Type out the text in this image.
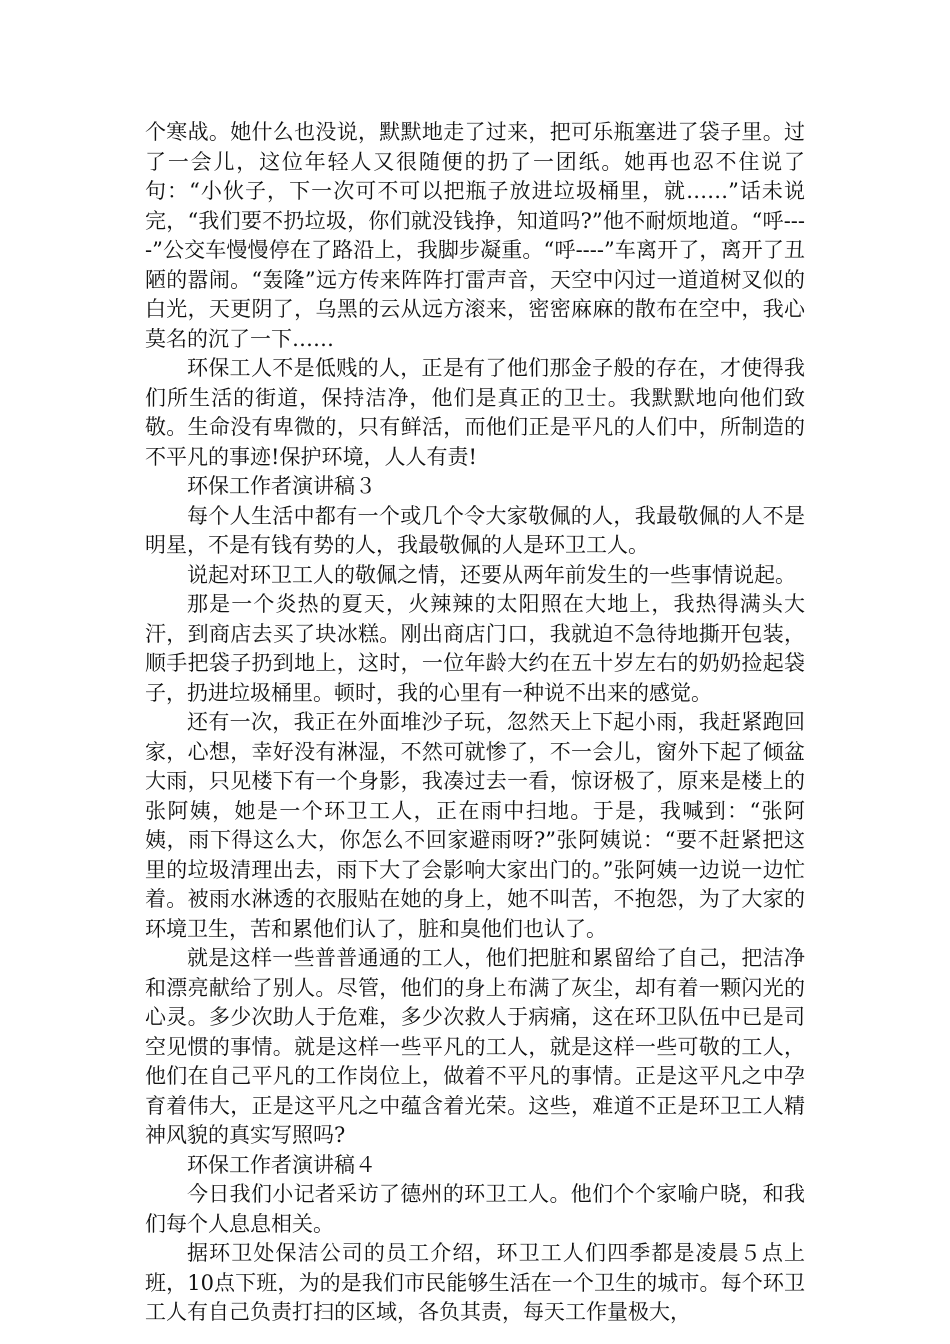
个寒战。她什么也没说，默默地走了过来，把可乐瓶塞进了袋子里。过了一会儿，这位年轻人又很随便的扔了一团纸。她再也忍不住说了句：“小伙子，下一次可不可以把瓶子放进垃圾桶里，就……”话未说完，“我们要不扔垃圾，你们就没钱挣，知道吗?”他不耐烦地道。“呼----”公交车慢慢停在了路沿上，我脚步凝重。“呼----”车离开了，离开了丑陋的嚣闹。“轰隆”远方传来阵阵打雷声音，天空中闪过一道道树叉似的白光，天更阴了，乌黑的云从远方滚来，密密麻麻的散布在空中，我心莫名的沉了一下……

环保工人不是低贱的人，正是有了他们那金子般的存在，才使得我们所生活的街道，保持洁净，他们是真正的卫士。我默默地向他们致敬。生命没有卑微的，只有鲜活，而他们正是平凡的人们中，所制造的不平凡的事迹!保护环境，人人有责!

环保工作者演讲稿３

每个人生活中都有一个或几个令大家敬佩的人，我最敬佩的人不是明星，不是有钱有势的人，我最敬佩的人是环卫工人。

说起对环卫工人的敬佩之情，还要从两年前发生的一些事情说起。

那是一个炎热的夏天，火辣辣的太阳照在大地上，我热得满头大汗，到商店去买了块冰糕。刚出商店门口，我就迫不急待地撕开包装，顺手把袋子扔到地上，这时，一位年龄大约在五十岁左右的奶奶捡起袋子，扔进垃圾桶里。顿时，我的心里有一种说不出来的感觉。

还有一次，我正在外面堆沙子玩，忽然天上下起小雨，我赶紧跑回家，心想，幸好没有淋湿，不然可就惨了，不一会儿，窗外下起了倾盆大雨，只见楼下有一个身影，我凑过去一看，惊讶极了，原来是楼上的张阿姨，她是一个环卫工人，正在雨中扫地。于是，我喊到：“张阿姨，雨下得这么大，你怎么不回家避雨呀?”张阿姨说：“要不赶紧把这里的垃圾清理出去，雨下大了会影响大家出门的。”张阿姨一边说一边忙着。被雨水淋透的衣服贴在她的身上，她不叫苦，不抱怨，为了大家的环境卫生，苦和累他们认了，脏和臭他们也认了。

就是这样一些普普通通的工人，他们把脏和累留给了自己，把洁净和漂亮献给了别人。尽管，他们的身上布满了灰尘，却有着一颗闪光的心灵。多少次助人于危难，多少次救人于病痛，这在环卫队伍中已是司空见惯的事情。就是这样一些平凡的工人，就是这样一些可敬的工人，他们在自己平凡的工作岗位上，做着不平凡的事情。正是这平凡之中孕育着伟大，正是这平凡之中蕴含着光荣。这些，难道不正是环卫工人精神风貌的真实写照吗?

环保工作者演讲稿４

今日我们小记者采访了德州的环卫工人。他们个个家喻户晓，和我们每个人息息相关。

据环卫处保洁公司的员工介绍，环卫工人们四季都是凌晨５点上班，10点下班，为的是我们市民能够生活在一个卫生的城市。每个环卫工人有自己负责打扫的区域，各负其责，每天工作量极大，
